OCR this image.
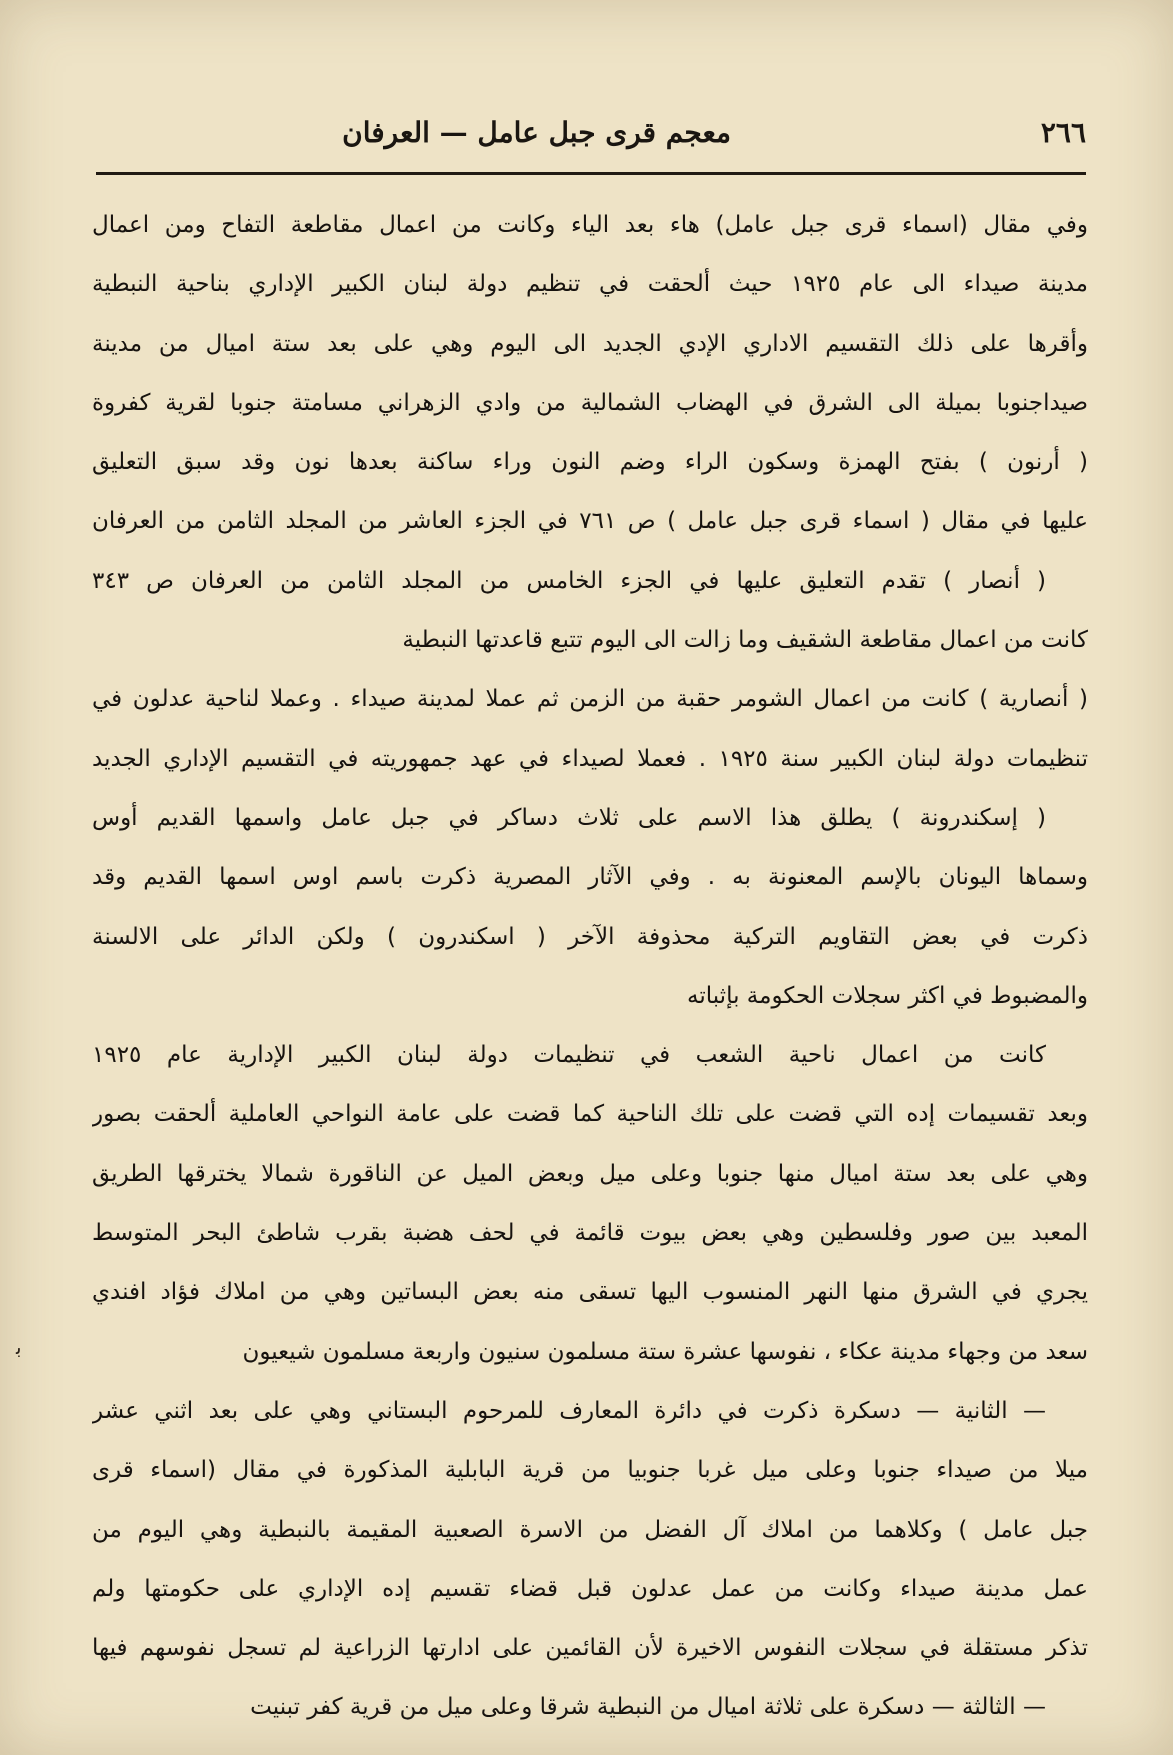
٢٦٦
معجم قرى جبل عامل — العرفان
وفي مقال (اسماء قرى جبل عامل) هاء بعد الياء وكانت من اعمال مقاطعة التفاح ومن اعمال
مدينة صيداء الى عام ١٩٢٥ حيث ألحقت في تنظيم دولة لبنان الكبير الإداري بناحية النبطية
وأقرها على ذلك التقسيم الاداري الإدي الجديد الى اليوم وهي على بعد ستة اميال من مدينة
صيداجنوبا بميلة الى الشرق في الهضاب الشمالية من وادي الزهراني مسامتة جنوبا لقرية كفروة
( أرنون ) بفتح الهمزة وسكون الراء وضم النون وراء ساكنة بعدها نون وقد سبق التعليق
عليها في مقال ( اسماء قرى جبل عامل ) ص ٧٦١ في الجزء العاشر من المجلد الثامن من العرفان
( أنصار ) تقدم التعليق عليها في الجزء الخامس من المجلد الثامن من العرفان ص ٣٤٣
كانت من اعمال مقاطعة الشقيف وما زالت الى اليوم تتبع قاعدتها النبطية
( أنصارية ) كانت من اعمال الشومر حقبة من الزمن ثم عملا لمدينة صيداء . وعملا لناحية عدلون في
تنظيمات دولة لبنان الكبير سنة ١٩٢٥ . فعملا لصيداء في عهد جمهوريته في التقسيم الإداري الجديد
( إسكندرونة ) يطلق هذا الاسم على ثلاث دساكر في جبل عامل واسمها القديم أوس
وسماها اليونان بالإسم المعنونة به . وفي الآثار المصرية ذكرت باسم اوس اسمها القديم وقد
ذكرت في بعض التقاويم التركية محذوفة الآخر ( اسكندرون ) ولكن الدائر على الالسنة
والمضبوط في اكثر سجلات الحكومة بإثباته
كانت من اعمال ناحية الشعب في تنظيمات دولة لبنان الكبير الإدارية عام ١٩٢٥
وبعد تقسيمات إده التي قضت على تلك الناحية كما قضت على عامة النواحي العاملية ألحقت بصور
وهي على بعد ستة اميال منها جنوبا وعلى ميل وبعض الميل عن الناقورة شمالا يخترقها الطريق
المعبد بين صور وفلسطين وهي بعض بيوت قائمة في لحف هضبة بقرب شاطئ البحر المتوسط
يجري في الشرق منها النهر المنسوب اليها تسقى منه بعض البساتين وهي من املاك فؤاد افندي
سعد من وجهاء مدينة عكاء ، نفوسها عشرة ستة مسلمون سنيون واربعة مسلمون شيعيون
— الثانية — دسكرة ذكرت في دائرة المعارف للمرحوم البستاني وهي على بعد اثني عشر
ميلا من صيداء جنوبا وعلى ميل غربا جنوبيا من قرية البابلية المذكورة في مقال (اسماء قرى
جبل عامل ) وكلاهما من املاك آل الفضل من الاسرة الصعبية المقيمة بالنبطية وهي اليوم من
عمل مدينة صيداء وكانت من عمل عدلون قبل قضاء تقسيم إده الإداري على حكومتها ولم
تذكر مستقلة في سجلات النفوس الاخيرة لأن القائمين على ادارتها الزراعية لم تسجل نفوسهم فيها
— الثالثة — دسكرة على ثلاثة اميال من النبطية شرقا وعلى ميل من قرية كفر تبنيت
ﺑ
